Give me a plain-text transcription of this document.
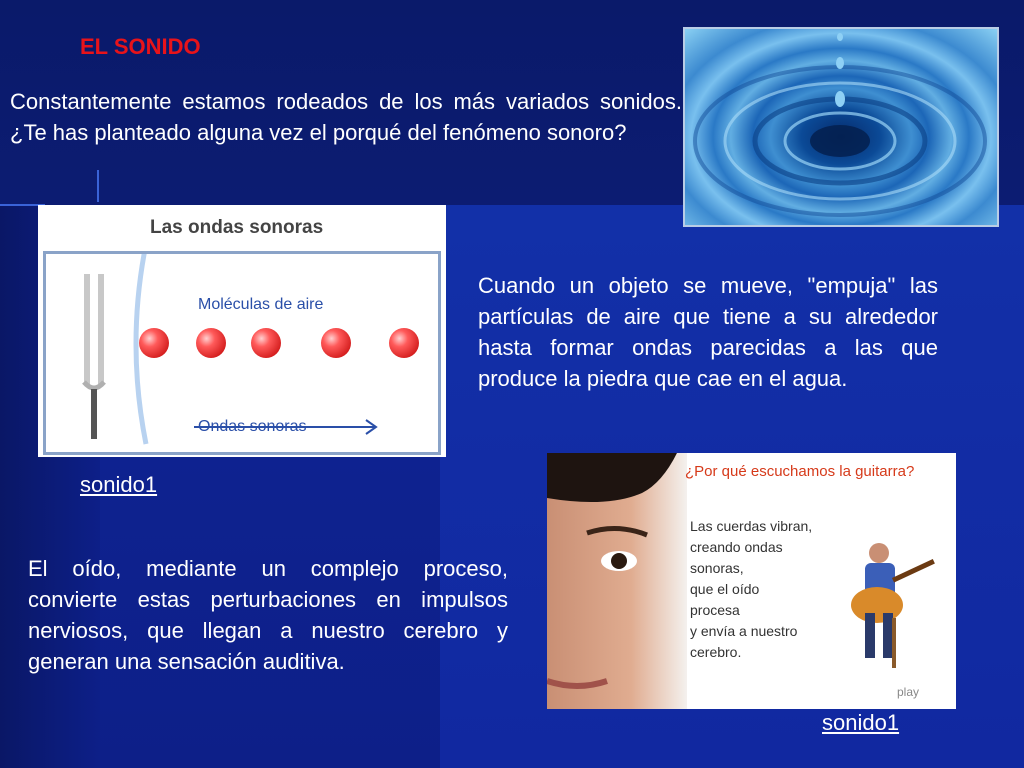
EL SONIDO
Constantemente estamos rodeados de los más variados sonidos. ¿Te has planteado alguna vez el porqué del fenómeno sonoro?
Las ondas sonoras
Moléculas de aire
Ondas sonoras
sonido1
Cuando un objeto se mueve, "empuja" las partículas de aire que tiene a su alrededor hasta formar ondas parecidas a las que produce la piedra que cae en el agua.
¿Por qué escuchamos la guitarra?
Las cuerdas vibran,
creando ondas
sonoras,
que el oído
procesa
y envía a nuestro
cerebro.
play
El oído, mediante un complejo proceso, convierte estas perturbaciones en impulsos nerviosos, que llegan a nuestro cerebro y generan una sensación auditiva.
sonido1
